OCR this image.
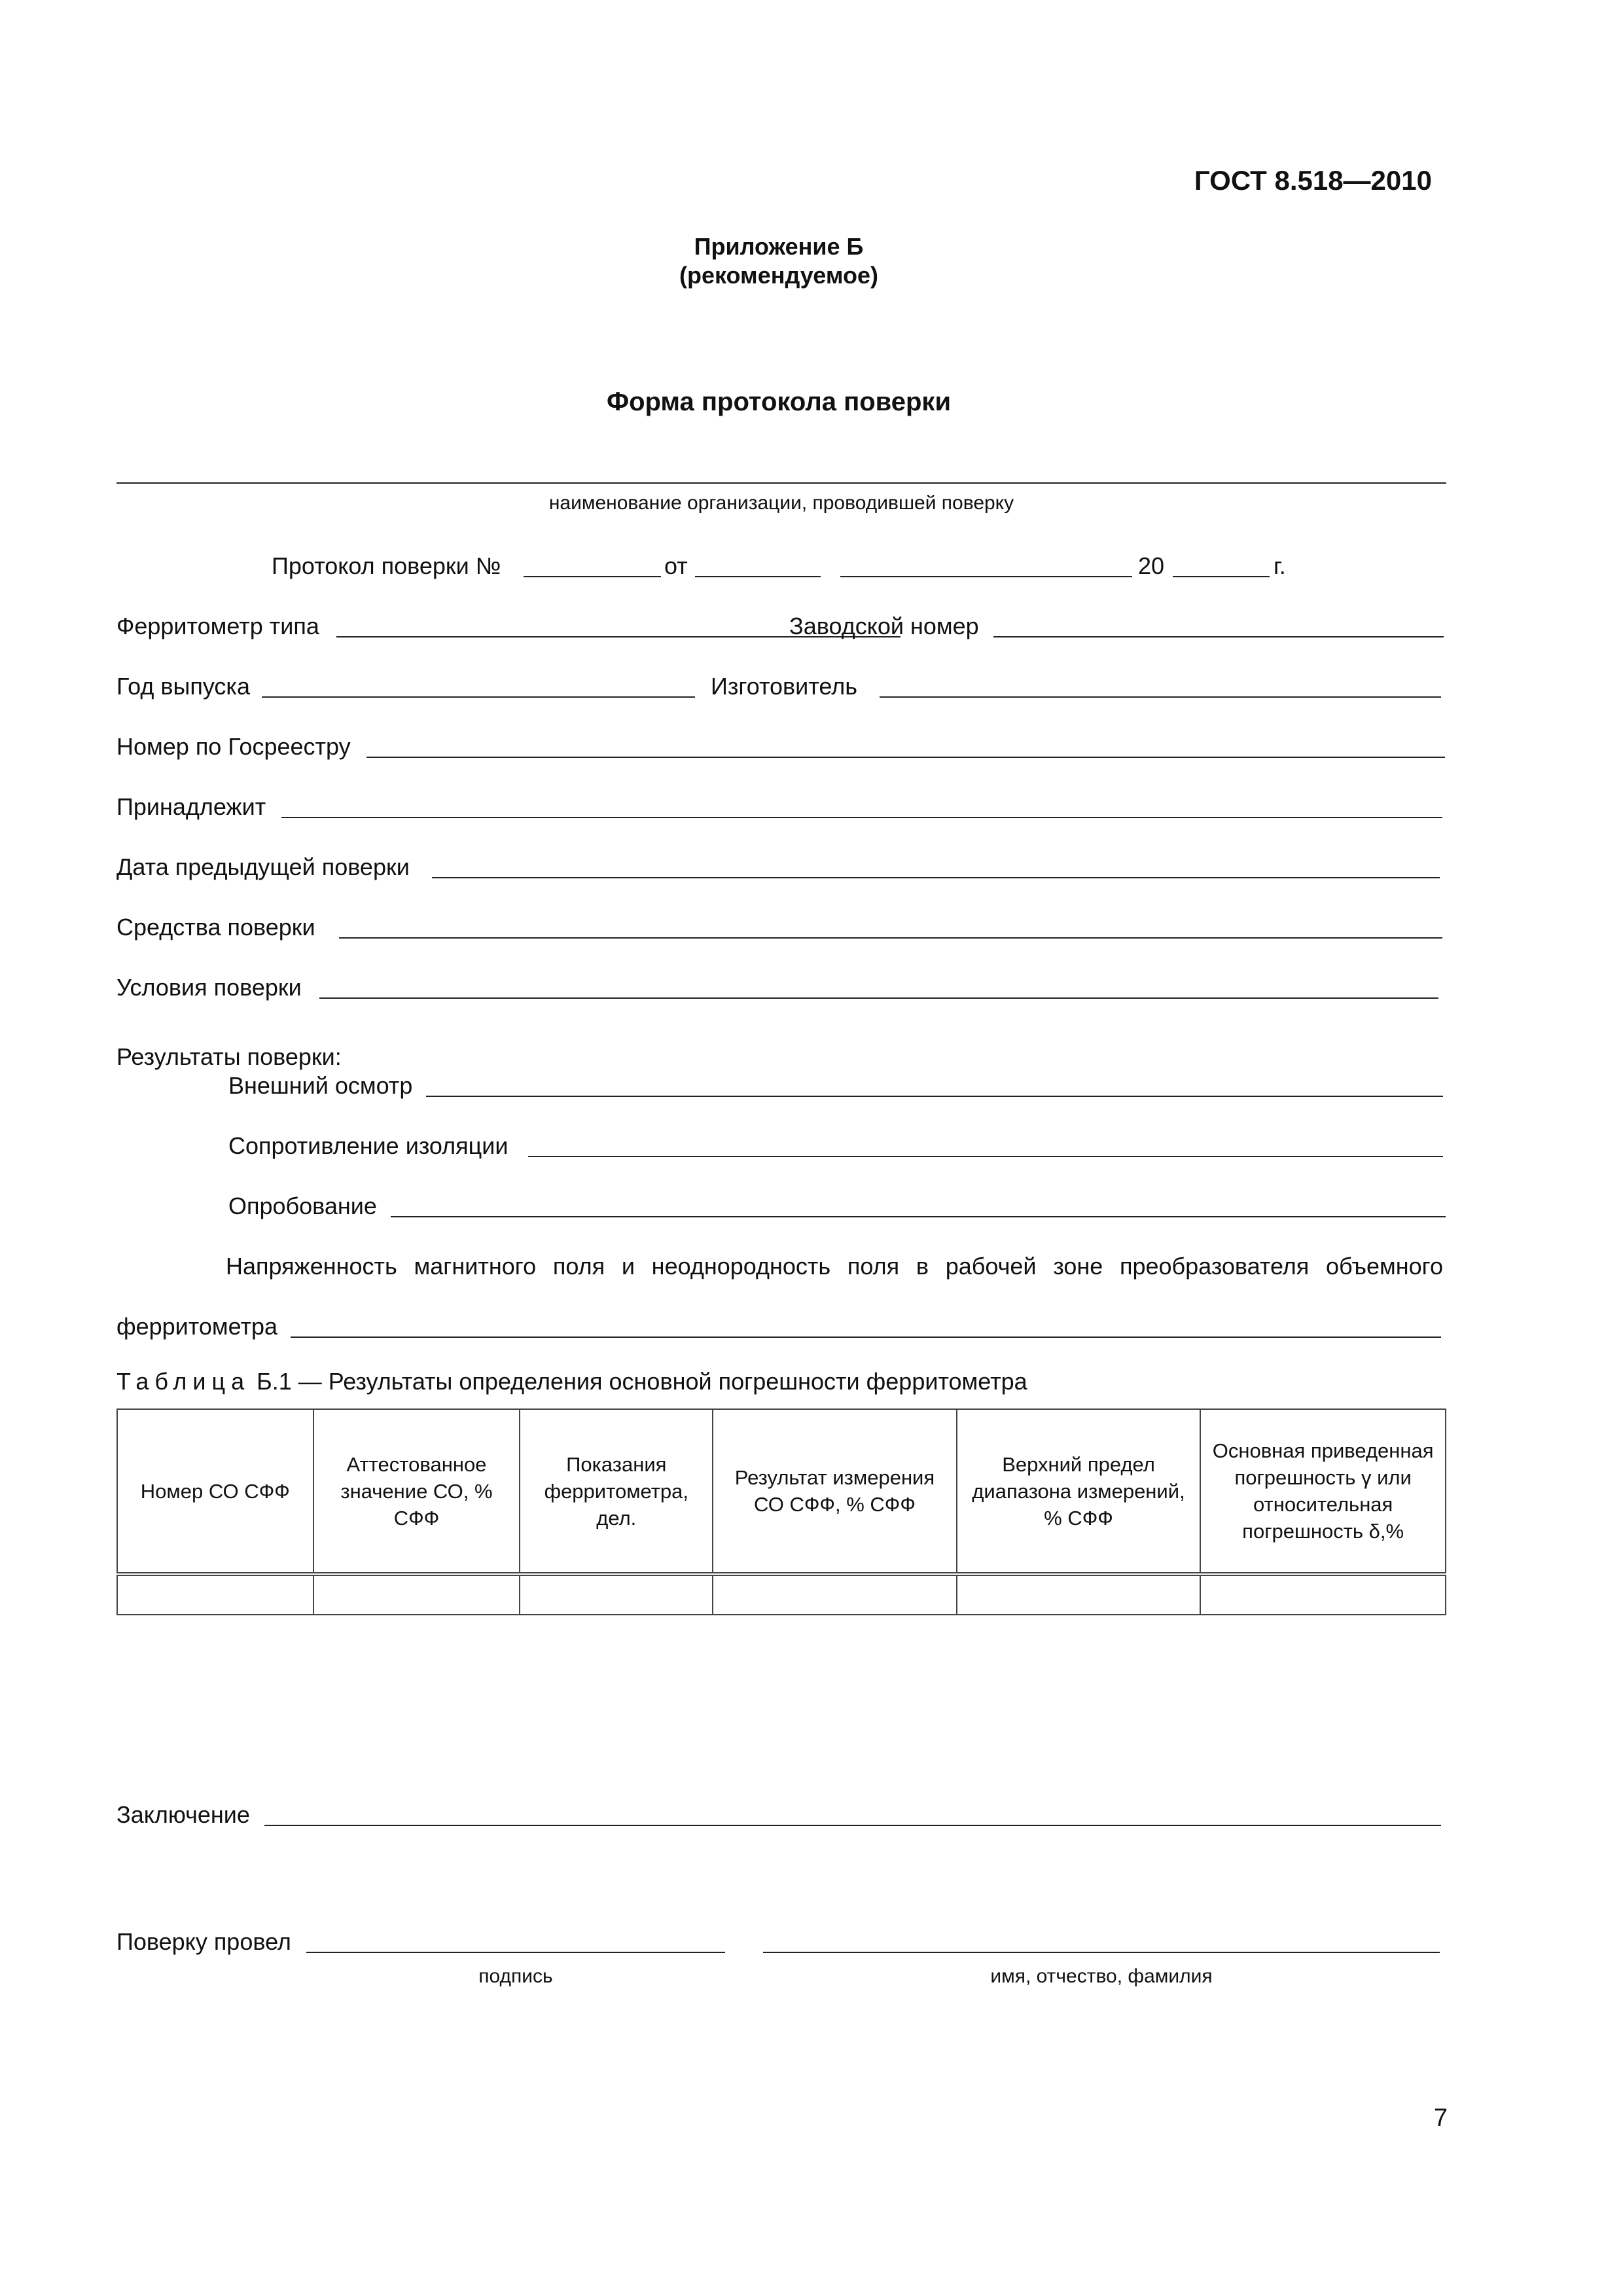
ГОСТ 8.518—2010
Приложение Б
(рекомендуемое)
Форма протокола поверки
наименование организации, проводившей поверку
Протокол поверки №	от	20	г.
Ферритометр типа	Заводской номер
Год выпуска	Изготовитель
Номер по Госреестру
Принадлежит
Дата предыдущей поверки
Средства поверки
Условия поверки
Результаты поверки:
Внешний осмотр
Сопротивление изоляции
Опробование
Напряженность магнитного поля и неоднородность поля в рабочей зоне преобразователя объемного
ферритометра
Таблица Б.1 — Результаты определения основной погрешности ферритометра
Номер СО СФФ	Аттестованное значение СО, % СФФ	Показания ферритометра, дел.	Результат измерения СО СФФ, % СФФ	Верхний предел диапазона измерений, % СФФ	Основная приведенная погрешность γ или относительная погрешность δ,%

Заключение
Поверку провел
подпись	имя, отчество, фамилия
7
